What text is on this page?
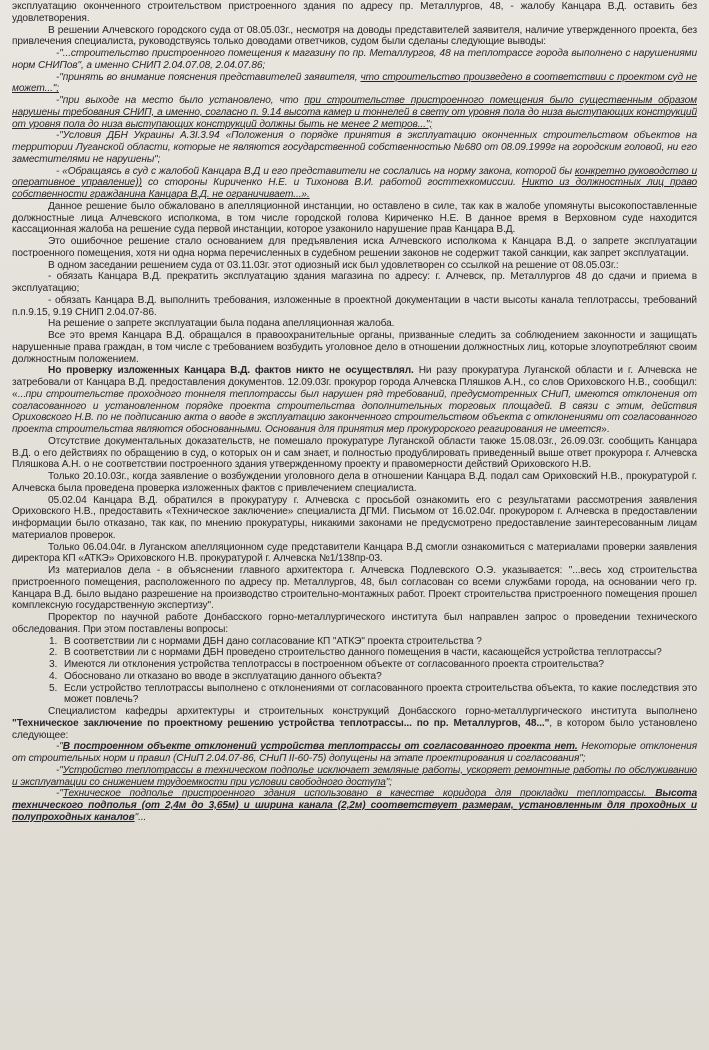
эксплуатацию оконченного строительством пристроенного здания по адресу пр. Металлургов, 48, - жалобу Канцара В.Д. оставить без удовлетворения.

В решении Алчевского городского суда от 08.05.03г., несмотря на доводы представителей заявителя, наличие утвержденного проекта, без привлечения специалиста, руководствуясь только доводами ответчиков, судом были сделаны следующие выводы:

-"...строительство пристроенного помещения к магазину по пр. Металлургов, 48 на теплотрассе города выполнено с нарушениями норм СНИПов", а именно СНИП 2.04.07.08, 2.04.07.86;

-"принять во внимание пояснения представителей заявителя, что строительство произведено в соответствии с проектом суд не может...";

-"при выходе на место было установлено, что при строительстве пристроенного помещения было существенным образом нарушены требования СНИП, а именно, согласно п. 9.14 высота камер и тоннелей в свету от уровня пола до низа выступающих конструкций от уровня пола до низа выступающих конструкций должны быть не менее 2 метров...";

-"Условия ДБН Украины А.3I.3.94 «Положения о порядке принятия в эксплуатацию оконченных строительством объектов на территории Луганской области, которые не являются государственной собственностью №680 от 08.09.1999г на городским головой, ни его заместителями не нарушены";

- «Обращаясь в суд с жалобой Канцара В.Д и его представители не сослались на норму закона, которой бы конкретно руководство и оперативное управление)) со стороны Кириченко Н.Е. и Тихонова В.И. работой госттехкомиссии. Никто из должностных лиц право собственности гражданина Канцара В.Д. не ограничивает...».

Данное решение было обжаловано в апелляционной инстанции, но оставлено в силе, так как в жалобе упомянуты высокопоставленные должностные лица Алчевского исполкома, в том числе городской голова Кириченко Н.Е. В данное время в Верховном суде находится кассационная жалоба на решение суда первой инстанции, которое узаконило нарушение прав Канцара В.Д.

Это ошибочное решение стало основанием для предъявления иска Алчевского исполкома к Канцара В.Д. о запрете эксплуатации построенного помещения, хотя ни одна норма перечисленных в судебном решении законов не содержит такой санкции, как запрет эксплуатации.

В одном заседании решением суда от 03.11.03г. этот одиозный иск был удовлетворен со ссылкой на решение от 08.05.03г.:

- обязать Канцара В.Д. прекратить эксплуатацию здания магазина по адресу: г. Алчевск, пр. Металлургов 48 до сдачи и приема в эксплуатацию;

- обязать Канцара В.Д. выполнить требования, изложенные в проектной документации в части высоты канала теплотрассы, требований п.п.9.15, 9.19 СНИП 2.04.07-86.

На решение о запрете эксплуатации была подана апелляционная жалоба.

Все это время Канцара В.Д. обращался в правоохранительные органы, призванные следить за соблюдением законности и защищать нарушенные права граждан, в том числе с требованием возбудить уголовное дело в отношении должностных лиц, которые злоупотребляют своим должностным положением.

Но проверку изложенных Канцара В.Д. фактов никто не осуществлял. Ни разу прокуратура Луганской области и г. Алчевска не затребовали от Канцара В.Д. предоставления документов. 12.09.03г. прокурор города Алчевска Пляшков А.Н., со слов Ориховского Н.В., сообщил: «...при строительстве проходного тоннеля теплотрассы был нарушен ряд требований, предусмотренных СНиП, имеются отклонения от согласованного и установленном порядке проекта строительства дополнительных торговых площадей. В связи с этим, действия Ориховского Н.В. по не подписанию акта о вводе в эксплуатацию законченного строительством объекта с отклонениями от согласованного проекта строительства являются обоснованными. Основания для принятия мер прокурорского реагирования не имеется».

Отсутствие документальных доказательств, не помешало прокуратуре Луганской области также 15.08.03г., 26.09.03г. сообщить Канцара В.Д. о его действиях по обращению в суд, о которых он и сам знает, и полностью продублировать приведенный выше ответ прокурора г. Алчевска Пляшкова А.Н. о не соответствии построенного здания утвержденному проекту и правомерности действий Ориховского Н.В.

Только 20.10.03г., когда заявление о возбуждении уголовного дела в отношении Канцара В.Д. подал сам Ориховский Н.В., прокуратурой г. Алчевска была проведена проверка изложенных фактов с привлечением специалиста.

05.02.04 Канцара В.Д. обратился в прокуратуру г. Алчевска с просьбой ознакомить его с результатами рассмотрения заявления Ориховского Н.В., предоставить «Техническое заключение» специалиста ДГМИ. Письмом от 16.02.04г. прокурором г. Алчевска в предоставлении информации было отказано, так как, по мнению прокуратуры, никакими законами не предусмотрено предоставление заинтересованным лицам материалов проверок.

Только 06.04.04г. в Луганском апелляционном суде представители Канцара В.Д смогли ознакомиться с материалами проверки заявления директора КП «АТКЭ» Ориховского Н.В. прокуратурой г. Алчевска №1/138пр-03.

Из материалов дела - в объяснении главного архитектора г. Алчевска Подлевского О.Э. указывается: "...весь ход строительства пристроенного помещения, расположенного по адресу пр. Металлургов, 48, был согласован со всеми службами города, на основании чего гр. Канцара В.Д. было выдано разрешение на производство строительно-монтажных работ. Проект строительства пристроенного помещения прошел комплексную государственную экспертизу".

Проректор по научной работе Донбасского горно-металлургического института был направлен запрос о проведении технического обследования. При этом поставлены вопросы:

1. В соответствии ли с нормами ДБН дано согласование КП "АТКЭ" проекта строительства ?
2. В соответствии ли с нормами ДБН проведено строительство данного помещения в части, касающейся устройства теплотрассы?
3. Имеются ли отклонения устройства теплотрассы в построенном объекте от согласованного проекта строительства?
4. Обосновано ли отказано во вводе в эксплуатацию данного объекта?
5. Если устройство теплотрассы выполнено с отклонениями от согласованного проекта строительства объекта, то какие последствия это может повлечь?

Специалистом кафедры архитектуры и строительных конструкций Донбасского горно-металлургического института выполнено "Техническое заключение по проектному решению устройства теплотрассы... по пр. Металлургов, 48...", в котором было установлено следующее:

-"В построенном объекте отклонений устройства теплотрассы от согласованного проекта нет. Некоторые отклонения от строительных норм и правил (СНиП 2.04.07-86, СНиП II-60-75) допущены на этапе проектирования и согласования";

-"Устройство теплотрассы в техническом подполье исключает земляные работы, ускоряет ремонтные работы по обслуживанию и эксплуатации со снижением трудоемкости при условии свободного доступа";

-"Техническое подполье пристроенного здания использовано в качестве коридора для прокладки теплотрассы. Высота технического подполья (от 2,4м до 3,65м) и ширина канала (2,2м) соответствует размерам, установленным для проходных и полупроходных каналов"...
